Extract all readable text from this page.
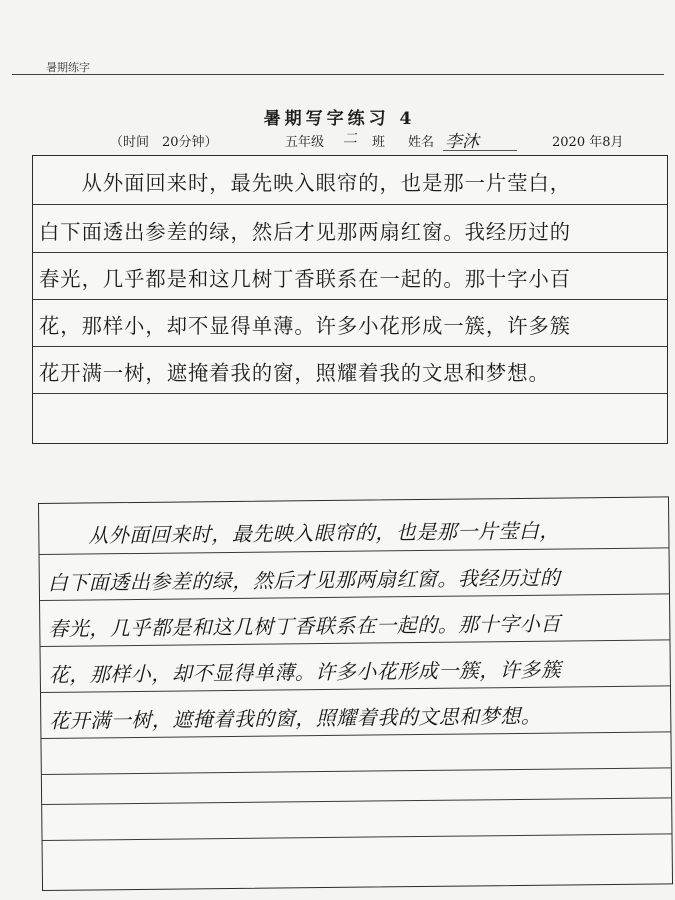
暑期练字
暑期写字练习 4
（时间　20分钟）	五年级 二 班 姓名 李沐	2020 年8月
　　从外面回来时，最先映入眼帘的，也是那一片莹白，
白下面透出参差的绿，然后才见那两扇红窗。我经历过的
春光，几乎都是和这几树丁香联系在一起的。那十字小百
花，那样小，却不显得单薄。许多小花形成一簇，许多簇
花开满一树，遮掩着我的窗，照耀着我的文思和梦想。
　　从外面回来时，最先映入眼帘的，也是那一片莹白，
白下面透出参差的绿，然后才见那两扇红窗。我经历过的
春光，几乎都是和这几树丁香联系在一起的。那十字小百
花，那样小，却不显得单薄。许多小花形成一簇，许多簇
花开满一树，遮掩着我的窗，照耀着我的文思和梦想。
